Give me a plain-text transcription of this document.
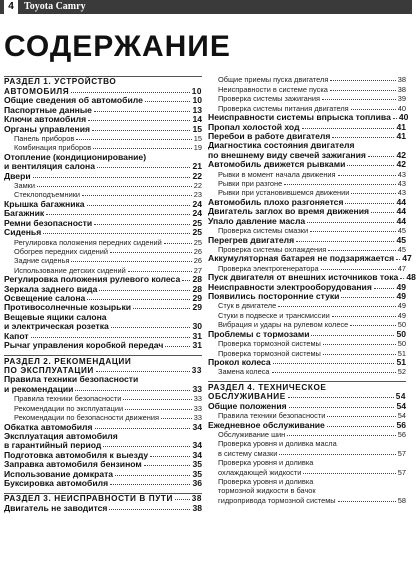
4	Toyota Camry
СОДЕРЖАНИЕ
РАЗДЕЛ 1. УСТРОЙСТВО
АВТОМОБИЛЯ	10
Общие сведения об автомобиле	10
Паспортные данные	13
Ключи автомобиля	14
Органы управления	15
Панель приборов	15
Комбинация приборов	19
Отопление (кондиционирование)
и вентиляция салона	21
Двери	22
Замки	22
Стеклоподъемники	23
Крышка багажника	24
Багажник	24
Ремни безопасности	25
Сиденья	25
Регулировка положения передних сидений	25
Обогрев передних сидений	26
Задние сиденья	26
Использование детских сидений	27
Регулировка положения рулевого колеса 28
Зеркала заднего вида	28
Освещение салона	29
Противосолнечные козырьки	29
Вещевые ящики салона
и электрическая розетка	30
Капот	31
Рычаг управления коробкой передач	31
РАЗДЕЛ 2. РЕКОМЕНДАЦИИ
ПО ЭКСПЛУАТАЦИИ	33
Правила техники безопасности
и рекомендации	33
Правила техники безопасности	33
Рекомендации по эксплуатации	33
Рекомендации по безопасности движения	33
Обкатка автомобиля	34
Эксплуатация автомобиля
в гарантийный период	34
Подготовка автомобиля к выезду	34
Заправка автомобиля бензином	35
Использование домкрата	35
Буксировка автомобиля	36
РАЗДЕЛ 3. НЕИСПРАВНОСТИ В ПУТИ 38
Двигатель не заводится	38
Общие приемы пуска двигателя	38
Неисправности в системе пуска	38
Проверка системы зажигания	39
Проверка системы питания двигателя	40
Неисправности системы впрыска топлива 40
Пропал холостой ход	41
Перебои в работе двигателя	41
Диагностика состояния двигателя
по внешнему виду свечей зажигания	42
Автомобиль движется рывками	42
Рывки в момент начала движения	43
Рывки при разгоне	43
Рывки при установившемся движении	43
Автомобиль плохо разгоняется	44
Двигатель заглох во время движения	44
Упало давление масла	44
Проверка системы смазки	45
Перегрев двигателя	45
Проверка системы охлаждения	45
Аккумуляторная батарея не подзаряжается 47
Проверка электрогенератора	47
Пуск двигателя от внешних источников тока 48
Неисправности электрооборудования	49
Появились посторонние стуки	49
Стук в двигателе	49
Стуки в подвеске и трансмиссии	49
Вибрация и удары на рулевом колесе	50
Проблемы с тормозами	50
Проверка тормозной системы	50
Проверка тормозной системы	51
Прокол колеса	51
Замена колеса	52
РАЗДЕЛ 4. ТЕХНИЧЕСКОЕ
ОБСЛУЖИВАНИЕ	54
Общие положения	54
Правила техники безопасности	54
Ежедневное обслуживание	56
Обслуживание шин	56
Проверка уровня и доливка масла
в систему смазки	57
Проверка уровня и доливка
охлаждающей жидкости	57
Проверка уровня и доливка
тормозной жидкости в бачок
гидропривода тормозной системы	58
